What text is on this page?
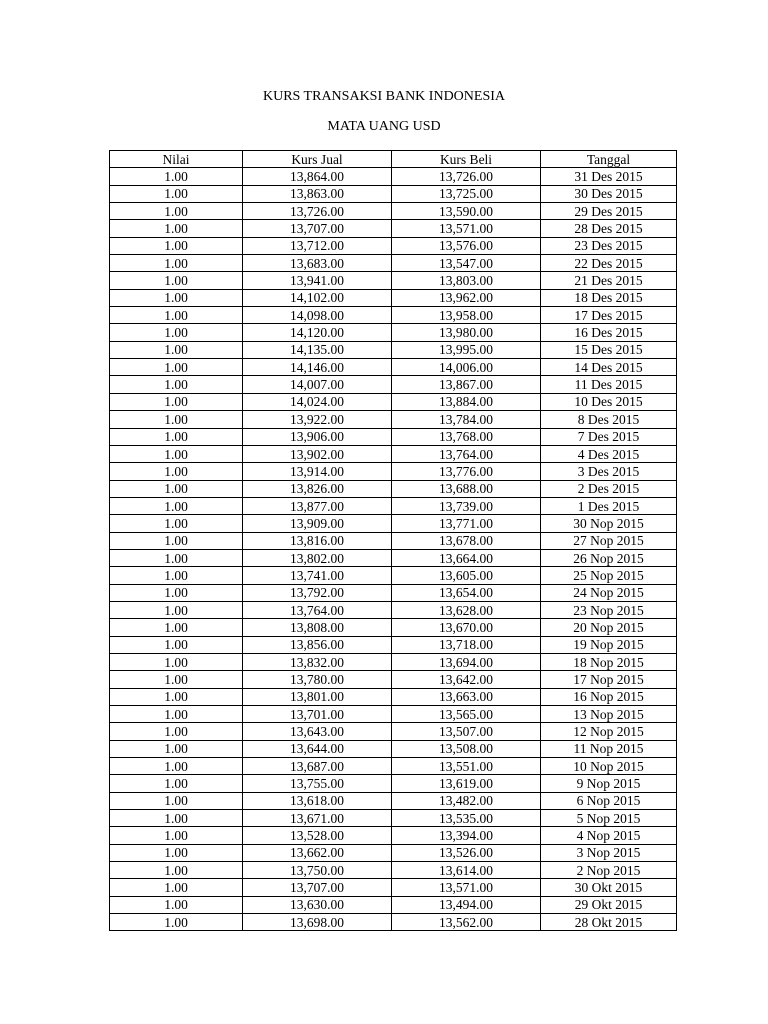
KURS TRANSAKSI BANK INDONESIA
MATA UANG USD
Nilai	Kurs Jual	Kurs Beli	Tanggal
1.00	13,864.00	13,726.00	31 Des 2015
1.00	13,863.00	13,725.00	30 Des 2015
1.00	13,726.00	13,590.00	29 Des 2015
1.00	13,707.00	13,571.00	28 Des 2015
1.00	13,712.00	13,576.00	23 Des 2015
1.00	13,683.00	13,547.00	22 Des 2015
1.00	13,941.00	13,803.00	21 Des 2015
1.00	14,102.00	13,962.00	18 Des 2015
1.00	14,098.00	13,958.00	17 Des 2015
1.00	14,120.00	13,980.00	16 Des 2015
1.00	14,135.00	13,995.00	15 Des 2015
1.00	14,146.00	14,006.00	14 Des 2015
1.00	14,007.00	13,867.00	11 Des 2015
1.00	14,024.00	13,884.00	10 Des 2015
1.00	13,922.00	13,784.00	8 Des 2015
1.00	13,906.00	13,768.00	7 Des 2015
1.00	13,902.00	13,764.00	4 Des 2015
1.00	13,914.00	13,776.00	3 Des 2015
1.00	13,826.00	13,688.00	2 Des 2015
1.00	13,877.00	13,739.00	1 Des 2015
1.00	13,909.00	13,771.00	30 Nop 2015
1.00	13,816.00	13,678.00	27 Nop 2015
1.00	13,802.00	13,664.00	26 Nop 2015
1.00	13,741.00	13,605.00	25 Nop 2015
1.00	13,792.00	13,654.00	24 Nop 2015
1.00	13,764.00	13,628.00	23 Nop 2015
1.00	13,808.00	13,670.00	20 Nop 2015
1.00	13,856.00	13,718.00	19 Nop 2015
1.00	13,832.00	13,694.00	18 Nop 2015
1.00	13,780.00	13,642.00	17 Nop 2015
1.00	13,801.00	13,663.00	16 Nop 2015
1.00	13,701.00	13,565.00	13 Nop 2015
1.00	13,643.00	13,507.00	12 Nop 2015
1.00	13,644.00	13,508.00	11 Nop 2015
1.00	13,687.00	13,551.00	10 Nop 2015
1.00	13,755.00	13,619.00	9 Nop 2015
1.00	13,618.00	13,482.00	6 Nop 2015
1.00	13,671.00	13,535.00	5 Nop 2015
1.00	13,528.00	13,394.00	4 Nop 2015
1.00	13,662.00	13,526.00	3 Nop 2015
1.00	13,750.00	13,614.00	2 Nop 2015
1.00	13,707.00	13,571.00	30 Okt 2015
1.00	13,630.00	13,494.00	29 Okt 2015
1.00	13,698.00	13,562.00	28 Okt 2015
